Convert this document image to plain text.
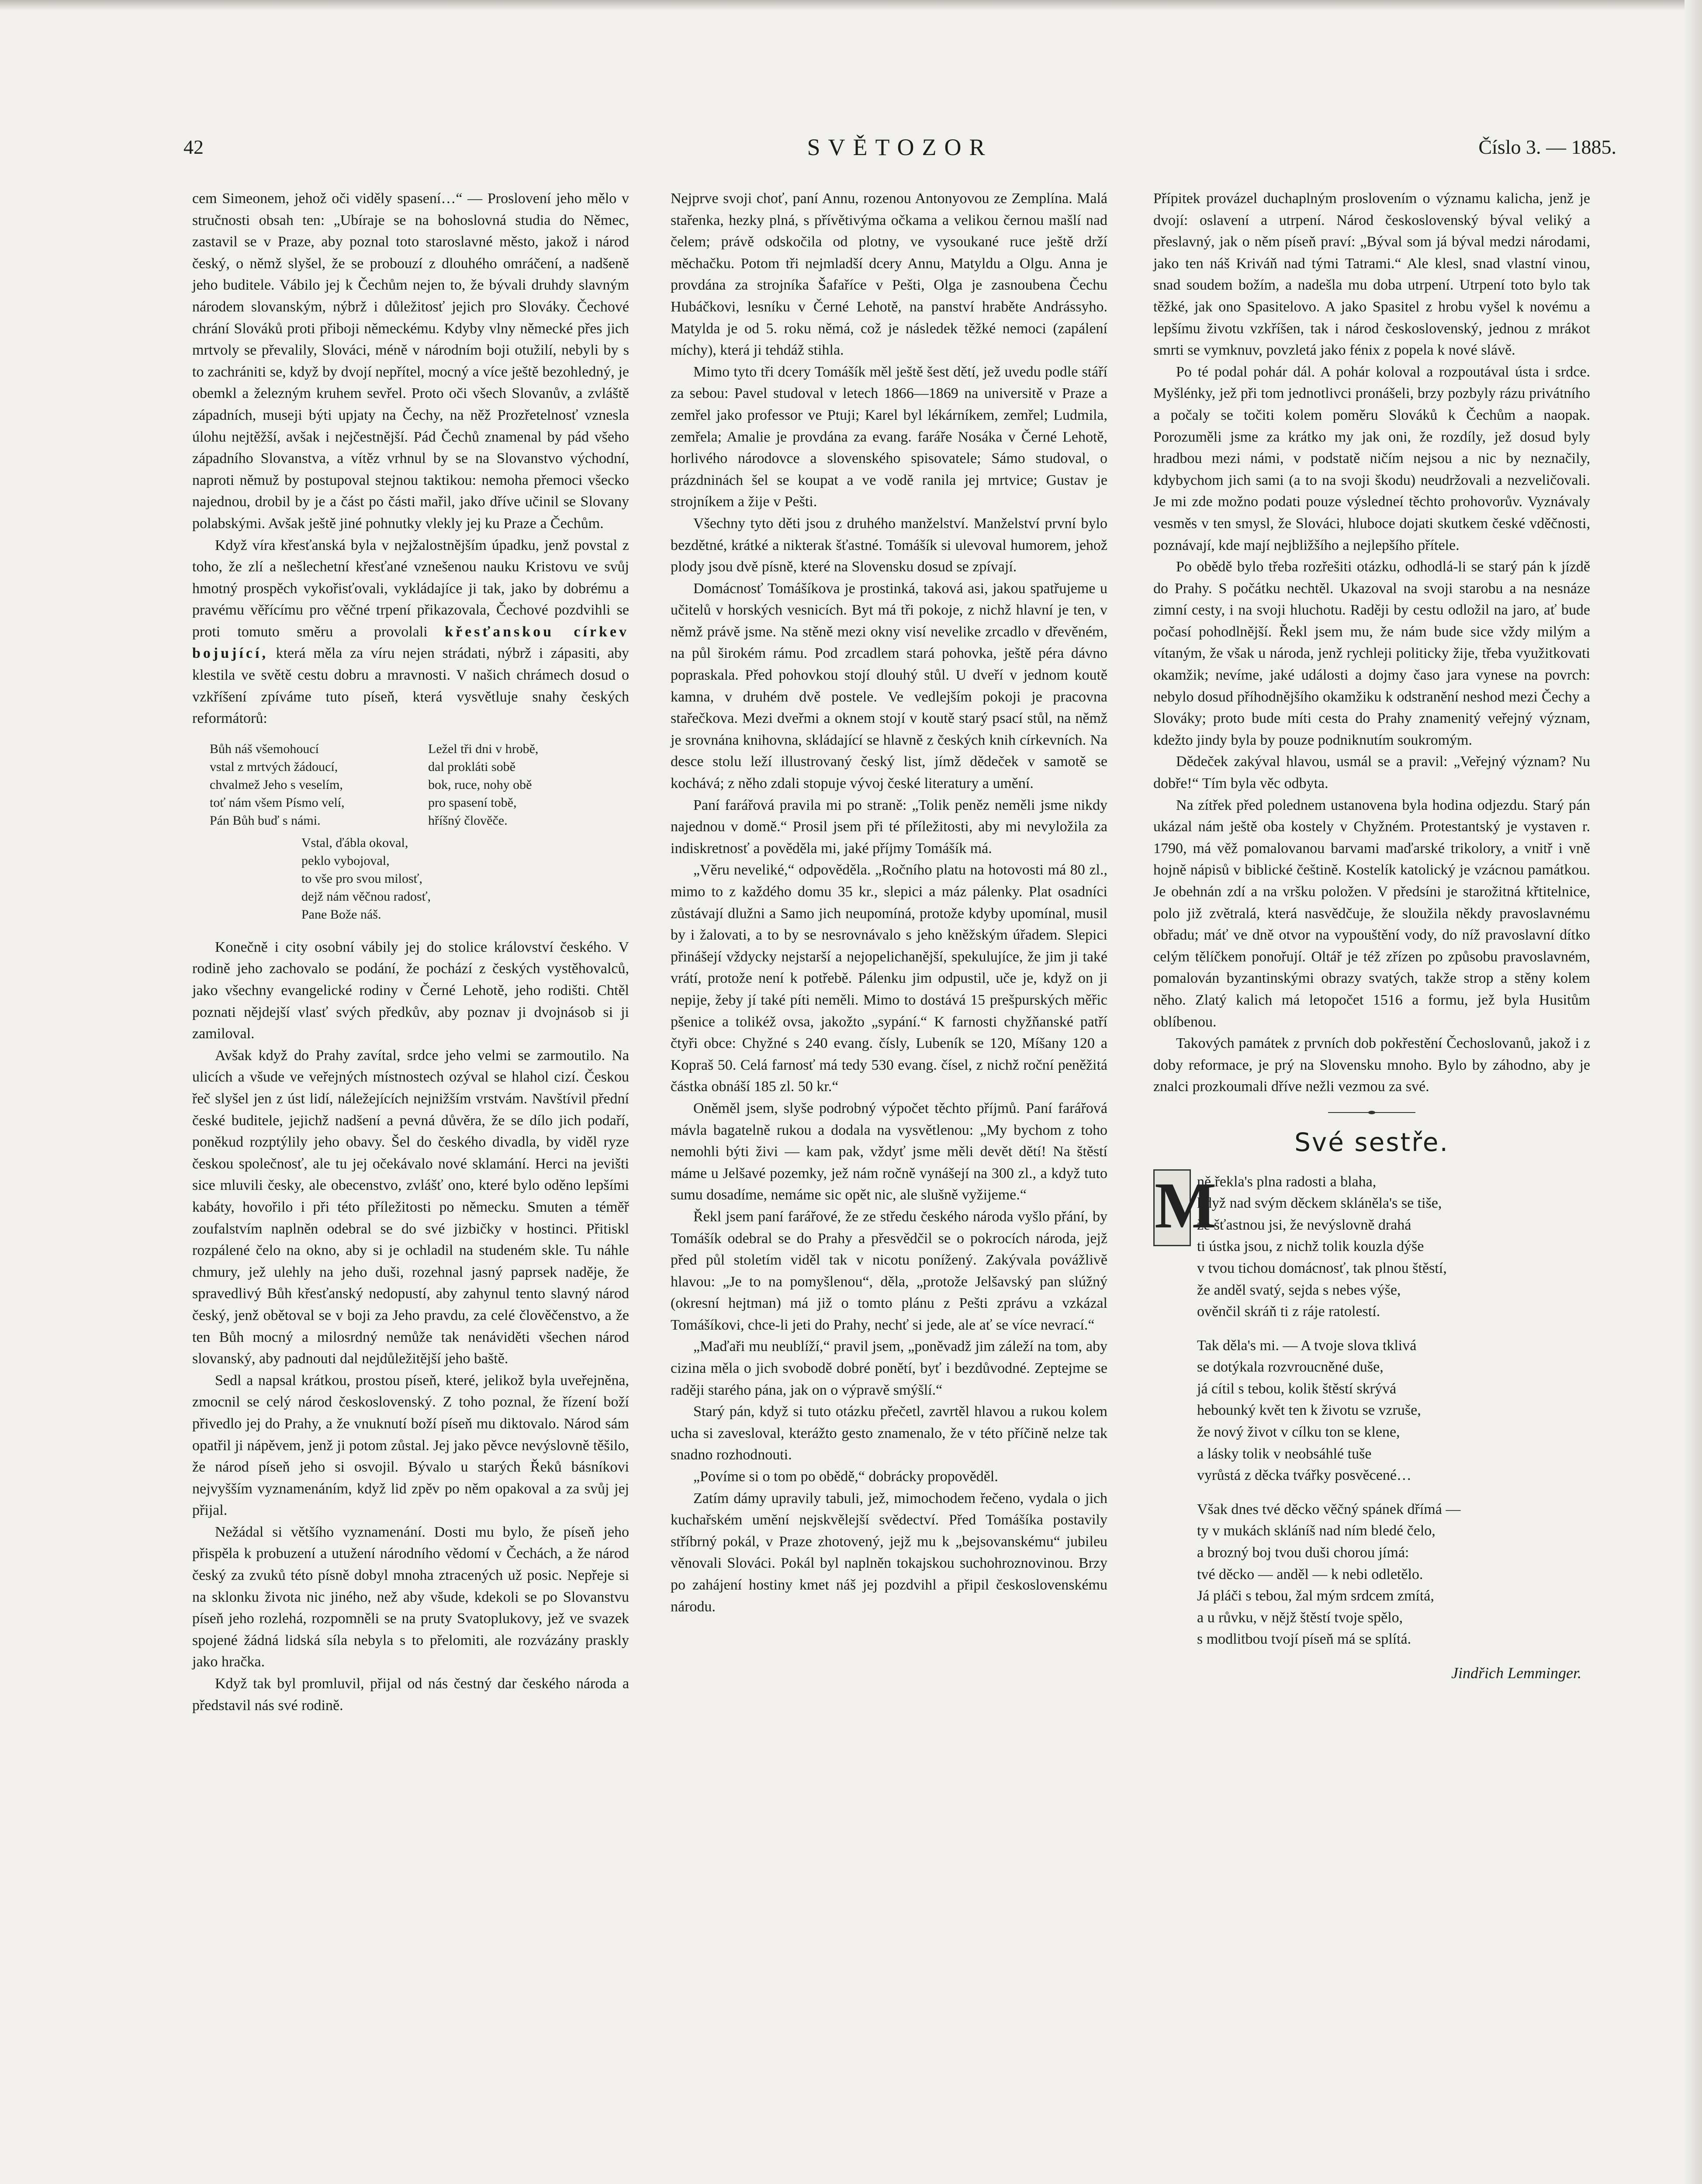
42	SVĚTOZOR	Číslo 3. — 1885.

cem Simeonem, jehož oči viděly spasení…“ — Proslovení jeho mělo v stručnosti obsah ten: „Ubíraje se na bohoslovná studia do Němec, zastavil se v Praze, aby poznal toto staroslavné město, jakož i národ český, o němž slyšel, že se probouzí z dlouhého omráčení, a nadšeně jeho buditele. Vábilo jej k Čechům nejen to, že bývali druhdy slavným národem slovanským, nýbrž i důležitosť jejich pro Slováky. Čechové chrání Slováků proti přiboji německému. Kdyby vlny německé přes jich mrtvoly se převalily, Slováci, méně v národním boji otužilí, nebyli by s to zachrániti se, když by dvojí nepřítel, mocný a více ještě bezohledný, je obemkl a železným kruhem sevřel. Proto oči všech Slovanův, a zvláště západních, museji býti upjaty na Čechy, na něž Prozřetelnosť vznesla úlohu nejtěžší, avšak i nejčestnější. Pád Čechů znamenal by pád všeho západního Slovanstva, a vítěz vrhnul by se na Slovanstvo východní, naproti němuž by postupoval stejnou taktikou: nemoha přemoci všecko najednou, drobil by je a část po části mařil, jako dříve učinil se Slovany polabskými. Avšak ještě jiné pohnutky vlekly jej ku Praze a Čechům.

Když víra křesťanská byla v nejžalostnějším úpadku, jenž povstal z toho, že zlí a nešlechetní křesťané vznešenou nauku Kristovu ve svůj hmotný prospěch vykořisťovali, vykládajíce ji tak, jako by dobrému a pravému věřícímu pro věčné trpení přikazovala, Čechové pozdvihli se proti tomuto směru a provolali křesťanskou církev bojující, která měla za víru nejen strádati, nýbrž i zápasiti, aby klestila ve světě cestu dobru a mravnosti. V našich chrámech dosud o vzkříšení zpíváme tuto píseň, která vysvětluje snahy českých reformátorů:

Bůh náš všemohoucí
vstal z mrtvých žádoucí,
chvalmež Jeho s veselím,
toť nám všem Písmo velí,
Pán Bůh buď s námi.
Ležel tři dni v hrobě,
dal prokláti sobě
bok, ruce, nohy obě
pro spasení tobě,
hříšný člověče.
Vstal, ďábla okoval,
peklo vybojoval,
to vše pro svou milosť,
dejž nám věčnou radosť,
Pane Bože náš.

Konečně i city osobní vábily jej do stolice království českého. V rodině jeho zachovalo se podání, že pochází z českých vystěhovalců, jako všechny evangelické rodiny v Černé Lehotě, jeho rodišti. Chtěl poznati nějdejší vlasť svých předkův, aby poznav ji dvojnásob si ji zamiloval.

Avšak když do Prahy zavítal, srdce jeho velmi se zarmoutilo. Na ulicích a všude ve veřejných místnostech ozýval se hlahol cizí. Českou řeč slyšel jen z úst lidí, náležejících nejnižším vrstvám. Navštívil přední české buditele, jejichž nadšení a pevná důvěra, že se dílo jich podaří, poněkud rozptýlily jeho obavy. Šel do českého divadla, by viděl ryze českou společnosť, ale tu jej očekávalo nové sklamání. Herci na jevišti sice mluvili česky, ale obecenstvo, zvlášť ono, které bylo oděno lepšími kabáty, hovořilo i při této příležitosti po německu. Smuten a téměř zoufalstvím naplněn odebral se do své jizbičky v hostinci. Přitiskl rozpálené čelo na okno, aby si je ochladil na studeném skle. Tu náhle chmury, jež ulehly na jeho duši, rozehnal jasný paprsek naděje, že spravedlivý Bůh křesťanský nedopustí, aby zahynul tento slavný národ český, jenž obětoval se v boji za Jeho pravdu, za celé člověčenstvo, a že ten Bůh mocný a milosrdný nemůže tak nenáviděti všechen národ slovanský, aby padnouti dal nejdůležitější jeho baště.

Sedl a napsal krátkou, prostou píseň, které, jelikož byla uveřejněna, zmocnil se celý národ československý. Z toho poznal, že řízení boží přivedlo jej do Prahy, a že vnuknutí boží píseň mu diktovalo. Národ sám opatřil ji nápěvem, jenž ji potom zůstal. Jej jako pěvce nevýslovně těšilo, že národ píseň jeho si osvojil. Bývalo u starých Řeků básníkovi nejvyšším vyznamenáním, když lid zpěv po něm opakoval a za svůj jej přijal.

Nežádal si většího vyznamenání. Dosti mu bylo, že píseň jeho přispěla k probuzení a utužení národního vědomí v Čechách, a že národ český za zvuků této písně dobyl mnoha ztracených už posic. Nepřeje si na sklonku života nic jiného, než aby všude, kdekoli se po Slovanstvu píseň jeho rozlehá, rozpomněli se na pruty Svatoplukovy, jež ve svazek spojené žádná lidská síla nebyla s to přelomiti, ale rozvázány praskly jako hračka.

Když tak byl promluvil, přijal od nás čestný dar českého národa a představil nás své rodině.

Nejprve svoji choť, paní Annu, rozenou Antonyovou ze Zemplína. Malá stařenka, hezky plná, s přívětivýma očkama a velikou černou mašlí nad čelem; právě odskočila od plotny, ve vysoukané ruce ještě drží měchačku. Potom tři nejmladší dcery Annu, Matyldu a Olgu. Anna je provdána za strojníka Šafaříce v Pešti, Olga je zasnoubena Čechu Hubáčkovi, lesníku v Černé Lehotě, na panství hraběte Andrássyho. Matylda je od 5. roku němá, což je následek těžké nemoci (zapálení míchy), která ji tehdáž stihla.

Mimo tyto tři dcery Tomášík měl ještě šest dětí, jež uvedu podle stáří za sebou: Pavel studoval v letech 1866—1869 na universitě v Praze a zemřel jako professor ve Ptuji; Karel byl lékárníkem, zemřel; Ludmila, zemřela; Amalie je provdána za evang. faráře Nosáka v Černé Lehotě, horlivého národovce a slovenského spisovatele; Sámo studoval, o prázdninách šel se koupat a ve vodě ranila jej mrtvice; Gustav je strojníkem a žije v Pešti.

Všechny tyto děti jsou z druhého manželství. Manželství první bylo bezdětné, krátké a nikterak šťastné. Tomášík si ulevoval humorem, jehož plody jsou dvě písně, které na Slovensku dosud se zpívají.

Domácnosť Tomášíkova je prostinká, taková asi, jakou spatřujeme u učitelů v horských vesnicích. Byt má tři pokoje, z nichž hlavní je ten, v němž právě jsme. Na stěně mezi okny visí nevelike zrcadlo v dřevěném, na půl širokém rámu. Pod zrcadlem stará pohovka, ještě péra dávno popraskala. Před pohovkou stojí dlouhý stůl. U dveří v jednom koutě kamna, v druhém dvě postele. Ve vedlejším pokoji je pracovna stařečkova. Mezi dveřmi a oknem stojí v koutě starý psací stůl, na němž je srovnána knihovna, skládající se hlavně z českých knih církevních. Na desce stolu leží illustrovaný český list, jímž dědeček v samotě se kochává; z něho zdali stopuje vývoj české literatury a umění.

Paní farářová pravila mi po straně: „Tolik peněz neměli jsme nikdy najednou v domě.“ Prosil jsem při té příležitosti, aby mi nevyložila za indiskretnosť a pověděla mi, jaké příjmy Tomášík má.

„Věru neveliké,“ odpověděla. „Ročního platu na hotovosti má 80 zl., mimo to z každého domu 35 kr., slepici a máz pálenky. Plat osadníci zůstávají dlužni a Samo jich neupomíná, protože kdyby upomínal, musil by i žalovati, a to by se nesrovnávalo s jeho kněžským úřadem. Slepici přinášejí vždycky nejstarší a nejopelichanější, spekulujíce, že jim ji také vrátí, protože není k potřebě. Pálenku jim odpustil, uče je, když on ji nepije, žeby jí také píti neměli. Mimo to dostává 15 prešpurských měřic pšenice a tolikéž ovsa, jakožto „sypání.“ K farnosti chyžňanské patří čtyři obce: Chyžné s 240 evang. čísly, Lubeník se 120, Míšany 120 a Koprаš 50. Celá farnosť má tedy 530 evang. čísel, z nichž roční peněžitá částka obnáší 185 zl. 50 kr.“

Oněměl jsem, slyše podrobný výpočet těchto příjmů. Paní farářová mávla bagatelně rukou a dodala na vysvětlenou: „My bychom z toho nemohli býti živi — kam pak, vždyť jsme měli devět dětí! Na štěstí máme u Jelšavé pozemky, jež nám ročně vynášejí na 300 zl., a když tuto sumu dosadíme, nemáme sic opět nic, ale slušně vyžijeme.“

Řekl jsem paní farářové, že ze středu českého národa vyšlo přání, by Tomášík odebral se do Prahy a přesvědčil se o pokrocích národa, jejž před půl stoletím viděl tak v nicotu ponížený. Zakývala povážlivě hlavou: „Je to na pomyšlenou“, děla, „protože Jelšavský pan slúžný (okresní hejtman) má již o tomto plánu z Pešti zprávu a vzkázal Tomášíkovi, chce-li jeti do Prahy, nechť si jede, ale ať se více nevrací.“

„Maďaři mu neublíží,“ pravil jsem, „poněvadž jim záleží na tom, aby cizina měla o jich svobodě dobré ponětí, byť i bezdůvodné. Zeptejme se raději starého pána, jak on o výpravě smýšlí.“

Starý pán, když si tuto otázku přečetl, zavrtěl hlavou a rukou kolem ucha si zavesloval, kterážto gesto znamenalo, že v této příčině nelze tak snadno rozhodnouti.

„Povíme si o tom po obědě,“ dobrácky propověděl.

Zatím dámy upravily tabuli, jež, mimochodem řečeno, vydala o jich kuchařském umění nejskvělejší svědectví. Před Tomášíka postavily stříbrný pokál, v Praze zhotovený, jejž mu k „bejsovanskému“ jubileu věnovali Slováci. Pokál byl naplněn tokajskou suchohroznovinou. Brzy po zahájení hostiny kmet náš jej pozdvihl a připil československému národu.

Přípitek provázel duchaplným proslovením o významu kalicha, jenž je dvojí: oslavení a utrpení. Národ československý býval veliký a přeslavný, jak o něm píseň praví: „Býval som já býval medzi národami, jako ten náš Kriváň nad tými Tatrami.“ Ale klesl, snad vlastní vinou, snad soudem božím, a nadešla mu doba utrpení. Utrpení toto bylo tak těžké, jak ono Spasitelovo. A jako Spasitel z hrobu vyšel k novému a lepšímu životu vzkříšen, tak i národ československý, jednou z mrákot smrti se vymknuv, povzletá jako fénix z popela k nové slávě.

Po té podal pohár dál. A pohár koloval a rozpoutával ústa i srdce. Myšlénky, jež při tom jednotlivci pronášeli, brzy pozbyly rázu privátního a počaly se točiti kolem poměru Slováků k Čechům a naopak. Porozuměli jsme za krátko my jak oni, že rozdíly, jež dosud byly hradbou mezi námi, v podstatě ničím nejsou a nic by neznačily, kdybychom jich sami (a to na svoji škodu) neudržovali a nezveličovali. Je mi zde možno podati pouze výsledneí těchto prohovorův. Vyznávaly vesměs v ten smysl, že Slováci, hluboce dojati skutkem české vděčnosti, poznávají, kde mají nejbližšího a nejlepšího přítele.

Po obědě bylo třeba rozřešiti otázku, odhodlá-li se starý pán k jízdě do Prahy. S počátku nechtěl. Ukazoval na svoji starobu a na nesnáze zimní cesty, i na svoji hluchotu. Raději by cestu odložil na jaro, ať bude počasí pohodlnější. Řekl jsem mu, že nám bude sice vždy milým a vítaným, že však u národa, jenž rychleji politicky žije, třeba využitkovati okamžik; nevíme, jaké události a dojmy časo jara vynese na povrch: nebylo dosud příhodnějšího okamžiku k odstranění neshod mezi Čechy a Slováky; proto bude míti cesta do Prahy znamenitý veřejný význam, kdežto jindy byla by pouze podniknutím soukromým.

Dědeček zakýval hlavou, usmál se a pravil: „Veřejný význam? Nu dobře!“ Tím byla věc odbyta.

Na zítřek před polednem ustanovena byla hodina odjezdu. Starý pán ukázal nám ještě oba kostely v Chyžném. Protestantský je vystaven r. 1790, má věž pomalovanou barvami maďarské trikolory, a vnitř i vně hojně nápisů v biblické češtině. Kostelík katolický je vzácnou památkou. Je obehnán zdí a na vršku položen. V předsíni je starožitná křtitelnice, polo již zvětralá, která nasvědčuje, že sloužila někdy pravoslavnému obřadu; máť ve dně otvor na vypouštění vody, do níž pravoslavní dítko celým tělíčkem ponořují. Oltář je též zřízen po způsobu pravoslavném, pomalován byzantinskými obrazy svatých, takže strop a stěny kolem něho. Zlatý kalich má letopočet 1516 a formu, jež byla Husitům oblíbenou.

Takových památek z prvních dob pokřestění Čechoslovanů, jakož i z doby reformace, je prý na Slovensku mnoho. Bylo by záhodno, aby je znalci prozkoumali dříve nežli vezmou za své.

Své sestře.
M
ně řekla's plna radosti a blaha,
když nad svým děckem skláněla's se tiše,
že šťastnou jsi, že nevýslovně drahá
ti ústka jsou, z nichž tolik kouzla dýše
v tvou tichou domácnosť, tak plnou štěstí,
že anděl svatý, sejda s nebes výše,
ověnčil skráň ti z ráje ratolestí.
Tak děla's mi. — A tvoje slova tklivá
se dotýkala rozvroucněné duše,
já cítil s tebou, kolik štěstí skrývá
hebounký květ ten k životu se vzruše,
že nový život v cílku ton se klene,
a lásky tolik v neobsáhlé tuše
vyrůstá z děcka tvářky posvěcené…
Však dnes tvé děcko věčný spánek dřímá —
ty v mukách skláníš nad ním bledé čelo,
a brozný boj tvou duši chorou jímá:
tvé děcko — anděl — k nebi odletělo.
Já pláči s tebou, žal mým srdcem zmítá,
a u růvku, v nějž štěstí tvoje spělo,
s modlitbou tvojí píseň má se splítá.
Jindřich Lemminger.
